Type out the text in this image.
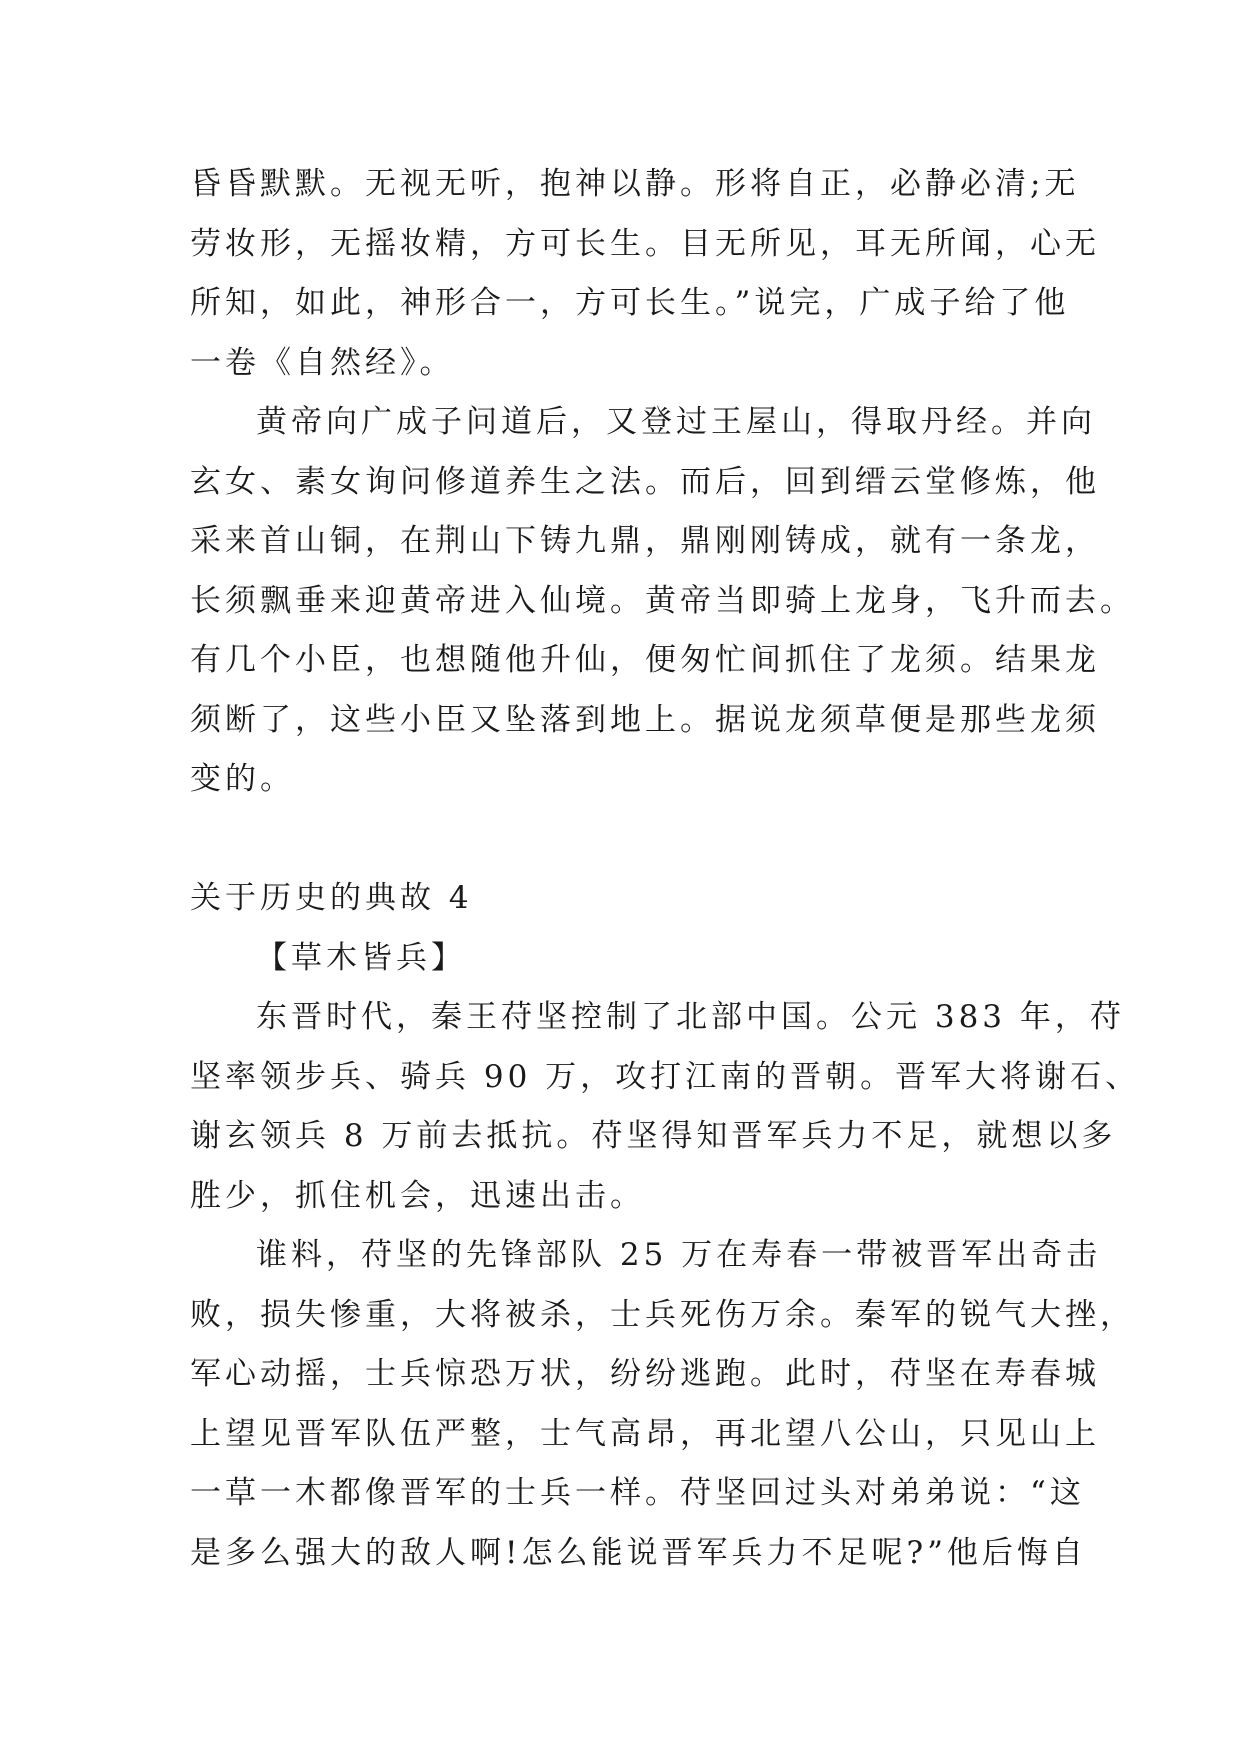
昏昏默默。无视无听，抱神以静。形将自正，必静必清;无
劳妆形，无摇妆精，方可长生。目无所见，耳无所闻，心无
所知，如此，神形合一，方可长生。”说完，广成子给了他
一卷《自然经》。
黄帝向广成子问道后，又登过王屋山，得取丹经。并向
玄女、素女询问修道养生之法。而后，回到缙云堂修炼，他
采来首山铜，在荆山下铸九鼎，鼎刚刚铸成，就有一条龙，
长须飘垂来迎黄帝进入仙境。黄帝当即骑上龙身，飞升而去。
有几个小臣，也想随他升仙，便匆忙间抓住了龙须。结果龙
须断了，这些小臣又坠落到地上。据说龙须草便是那些龙须
变的。
关于历史的典故 4
【草木皆兵】
东晋时代，秦王苻坚控制了北部中国。公元 383 年，苻
坚率领步兵、骑兵 90 万，攻打江南的晋朝。晋军大将谢石、
谢玄领兵 8 万前去抵抗。苻坚得知晋军兵力不足，就想以多
胜少，抓住机会，迅速出击。
谁料，苻坚的先锋部队 25 万在寿春一带被晋军出奇击
败，损失惨重，大将被杀，士兵死伤万余。秦军的锐气大挫，
军心动摇，士兵惊恐万状，纷纷逃跑。此时，苻坚在寿春城
上望见晋军队伍严整，士气高昂，再北望八公山，只见山上
一草一木都像晋军的士兵一样。苻坚回过头对弟弟说：“这
是多么强大的敌人啊!怎么能说晋军兵力不足呢?”他后悔自
